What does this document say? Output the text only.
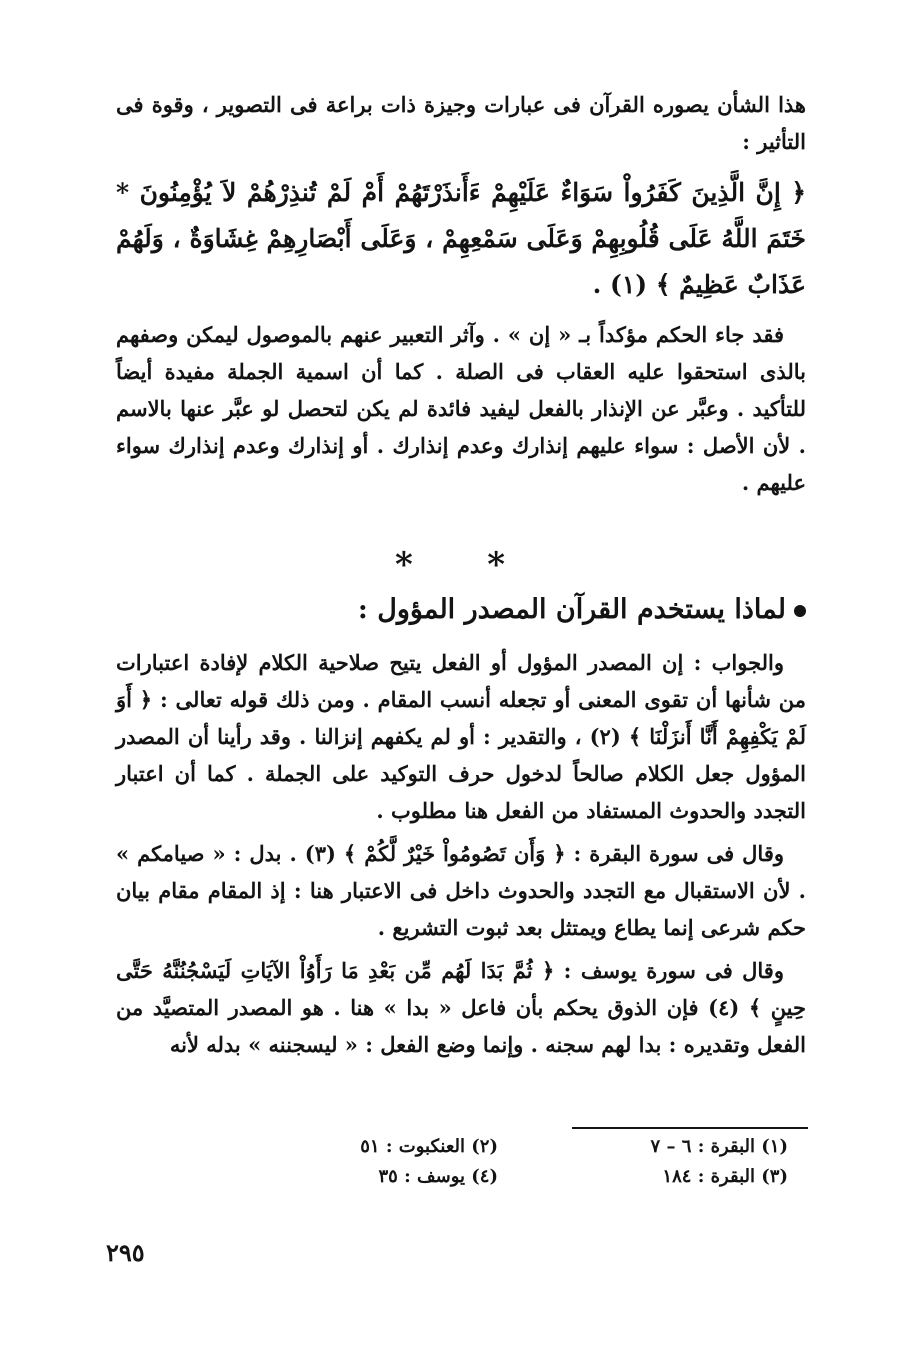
هذا الشأن يصوره القرآن فى عبارات وجيزة ذات براعة فى التصوير ، وقوة فى التأثير :

﴿ إِنَّ الَّذِينَ كَفَرُواْ سَوَاءٌ عَلَيْهِمْ ءَأَنذَرْتَهُمْ أَمْ لَمْ تُنذِرْهُمْ لاَ يُؤْمِنُونَ * خَتَمَ اللَّهُ عَلَى قُلُوبِهِمْ وَعَلَى سَمْعِهِمْ ، وَعَلَى أَبْصَارِهِمْ غِشَاوَةٌ ، وَلَهُمْ عَذَابٌ عَظِيمٌ ﴾ (١) .

فقد جاء الحكم مؤكداً بـ « إن » . وآثر التعبير عنهم بالموصول ليمكن وصفهم بالذى استحقوا عليه العقاب فى الصلة . كما أن اسمية الجملة مفيدة أيضاً للتأكيد . وعبَّر عن الإنذار بالفعل ليفيد فائدة لم يكن لتحصل لو عبَّر عنها بالاسم . لأن الأصل : سواء عليهم إنذارك وعدم إنذارك . أو إنذارك وعدم إنذارك سواء عليهم .

* *
لماذا يستخدم القرآن المصدر المؤول :

والجواب : إن المصدر المؤول أو الفعل يتيح صلاحية الكلام لإفادة اعتبارات من شأنها أن تقوى المعنى أو تجعله أنسب المقام . ومن ذلك قوله تعالى : ﴿ أَوَ لَمْ يَكْفِهِمْ أَنَّا أَنزَلْنَا ﴾ (٢) ، والتقدير : أو لم يكفهم إنزالنا . وقد رأينا أن المصدر المؤول جعل الكلام صالحاً لدخول حرف التوكيد على الجملة . كما أن اعتبار التجدد والحدوث المستفاد من الفعل هنا مطلوب .

وقال فى سورة البقرة : ﴿ وَأَن تَصُومُواْ خَيْرٌ لَّكُمْ ﴾ (٣) . بدل : « صيامكم » . لأن الاستقبال مع التجدد والحدوث داخل فى الاعتبار هنا : إذ المقام مقام بيان حكم شرعى إنما يطاع ويمتثل بعد ثبوت التشريع .

وقال فى سورة يوسف : ﴿ ثُمَّ بَدَا لَهُم مِّن بَعْدِ مَا رَأَوُاْ الآيَاتِ لَيَسْجُنُنَّهُ حَتَّى حِينٍ ﴾ (٤) فإن الذوق يحكم بأن فاعل « بدا » هنا . هو المصدر المتصيَّد من الفعل وتقديره : بدا لهم سجنه . وإنما وضع الفعل : « ليسجننه » بدله لأنه

(١) البقرة : ٦ – ٧
(٢) العنكبوت : ٥١
(٣) البقرة : ١٨٤
(٤) يوسف : ٣٥
٢٩٥
